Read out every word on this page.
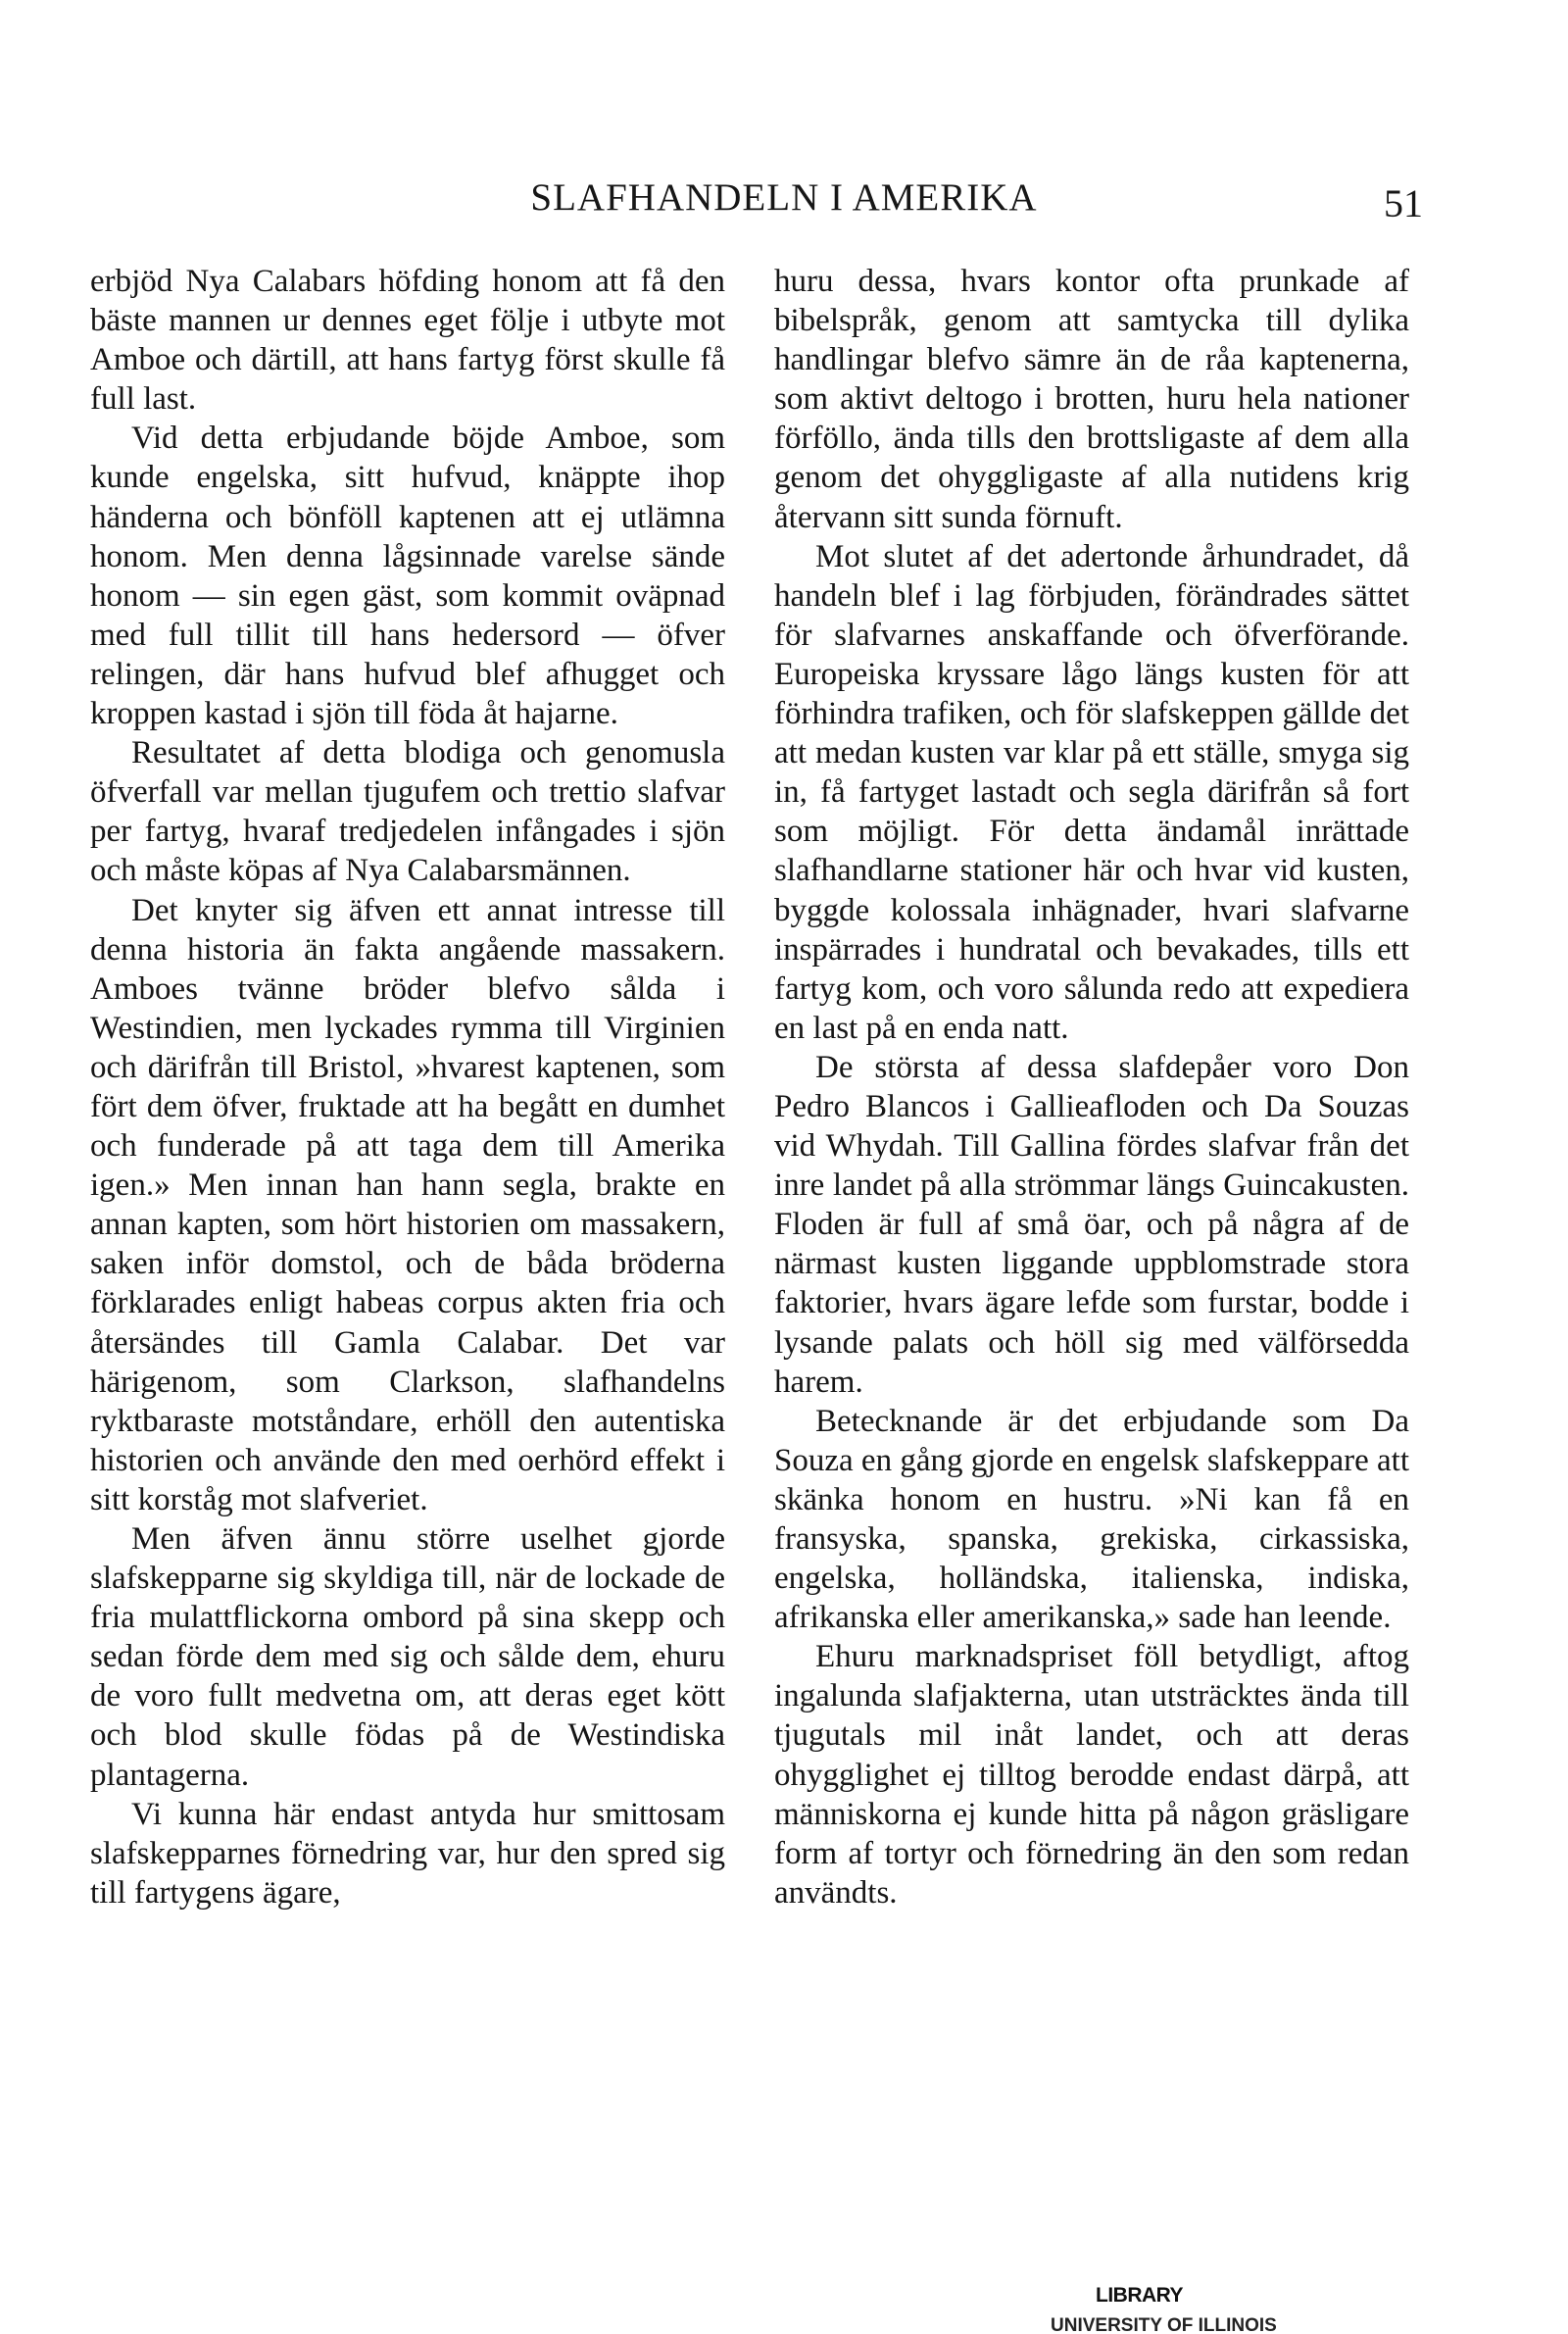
SLAFHANDELN I AMERIKA	51

erbjöd Nya Calabars höfding honom att få den bäste mannen ur dennes eget följe i utbyte mot Amboe och därtill, att hans fartyg först skulle få full last.

Vid detta erbjudande böjde Amboe, som kunde engelska, sitt hufvud, knäppte ihop händerna och bönföll kaptenen att ej utlämna honom. Men denna lågsinnade varelse sände honom — sin egen gäst, som kommit oväpnad med full tillit till hans hedersord — öfver relingen, där hans hufvud blef afhugget och kroppen kastad i sjön till föda åt hajarne.

Resultatet af detta blodiga och genomusla öfverfall var mellan tjugufem och trettio slafvar per fartyg, hvaraf tredjedelen infångades i sjön och måste köpas af Nya Calabarsmännen.

Det knyter sig äfven ett annat intresse till denna historia än fakta angående massakern. Amboes tvänne bröder blefvo sålda i Westindien, men lyckades rymma till Virginien och därifrån till Bristol, »hvarest kaptenen, som fört dem öfver, fruktade att ha begått en dumhet och funderade på att taga dem till Amerika igen.» Men innan han hann segla, brakte en annan kapten, som hört historien om massakern, saken inför domstol, och de båda bröderna förklarades enligt habeas corpus akten fria och återsändes till Gamla Calabar. Det var härigenom, som Clarkson, slafhandelns ryktbaraste motståndare, erhöll den autentiska historien och använde den med oerhörd effekt i sitt korståg mot slafveriet.

Men äfven ännu större uselhet gjorde slafskepparne sig skyldiga till, när de lockade de fria mulattflickorna ombord på sina skepp och sedan förde dem med sig och sålde dem, ehuru de voro fullt medvetna om, att deras eget kött och blod skulle födas på de Westindiska plantagerna.

Vi kunna här endast antyda hur smittosam slafskepparnes förnedring var, hur den spred sig till fartygens ägare,

huru dessa, hvars kontor ofta prunkade af bibelspråk, genom att samtycka till dylika handlingar blefvo sämre än de råa kaptenerna, som aktivt deltogo i brotten, huru hela nationer förföllo, ända tills den brottsligaste af dem alla genom det ohyggligaste af alla nutidens krig återvann sitt sunda förnuft.

Mot slutet af det adertonde århundradet, då handeln blef i lag förbjuden, förändrades sättet för slafvarnes anskaffande och öfverförande. Europeiska kryssare lågo längs kusten för att förhindra trafiken, och för slafskeppen gällde det att medan kusten var klar på ett ställe, smyga sig in, få fartyget lastadt och segla därifrån så fort som möjligt. För detta ändamål inrättade slafhandlarne stationer här och hvar vid kusten, byggde kolossala inhägnader, hvari slafvarne inspärrades i hundratal och bevakades, tills ett fartyg kom, och voro sålunda redo att expediera en last på en enda natt.

De största af dessa slafdepåer voro Don Pedro Blancos i Gallieafloden och Da Souzas vid Whydah. Till Gallina fördes slafvar från det inre landet på alla strömmar längs Guincakusten. Floden är full af små öar, och på några af de närmast kusten liggande uppblomstrade stora faktorier, hvars ägare lefde som furstar, bodde i lysande palats och höll sig med välförsedda harem.

Betecknande är det erbjudande som Da Souza en gång gjorde en engelsk slafskeppare att skänka honom en hustru. »Ni kan få en fransyska, spanska, grekiska, cirkassiska, engelska, holländska, italienska, indiska, afrikanska eller amerikanska,» sade han leende.

Ehuru marknadspriset föll betydligt, aftog ingalunda slafjakterna, utan utsträcktes ända till tjugutals mil inåt landet, och att deras ohygglighet ej tilltog berodde endast därpå, att människorna ej kunde hitta på någon gräsligare form af tortyr och förnedring än den som redan användts.

LIBRARY
UNIVERSITY OF ILLINOIS
